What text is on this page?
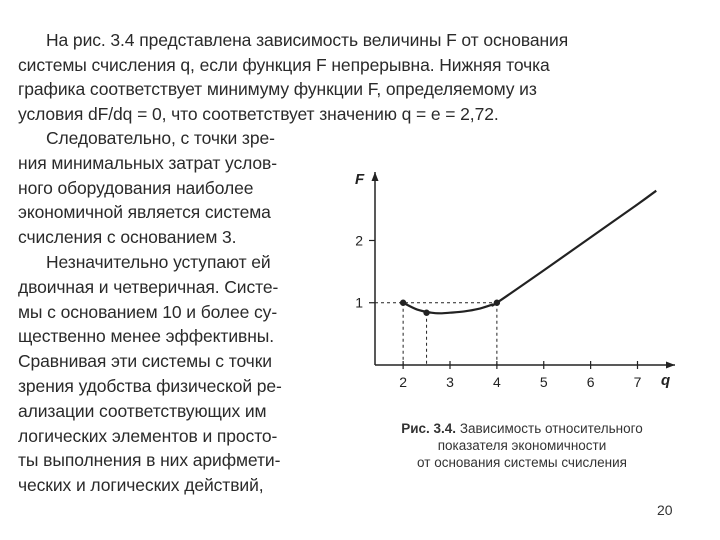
На рис. 3.4 представлена зависимость величины F от основания
системы счисления q, если функция F непрерывна. Нижняя точка
графика соответствует минимуму функции F, определяемому из
условия dF/dq = 0, что соответствует значению q = e = 2,72.
Следовательно, с точки зре-
ния минимальных затрат услов-
ного оборудования наиболее
экономичной является система
счисления с основанием 3.
Незначительно уступают ей
двоичная и четверичная. Систе-
мы с основанием 10 и более су-
щественно менее эффективны.
Сравнивая эти системы с точки
зрения удобства физической ре-
ализации соответствующих им
логических элементов и просто-
ты выполнения в них арифмети-
ческих и логических действий,
q
F
2	3	4	5	6	7
1
2
Рис. 3.4. Зависимость относительного
показателя экономичности
от основания системы счисления
20
